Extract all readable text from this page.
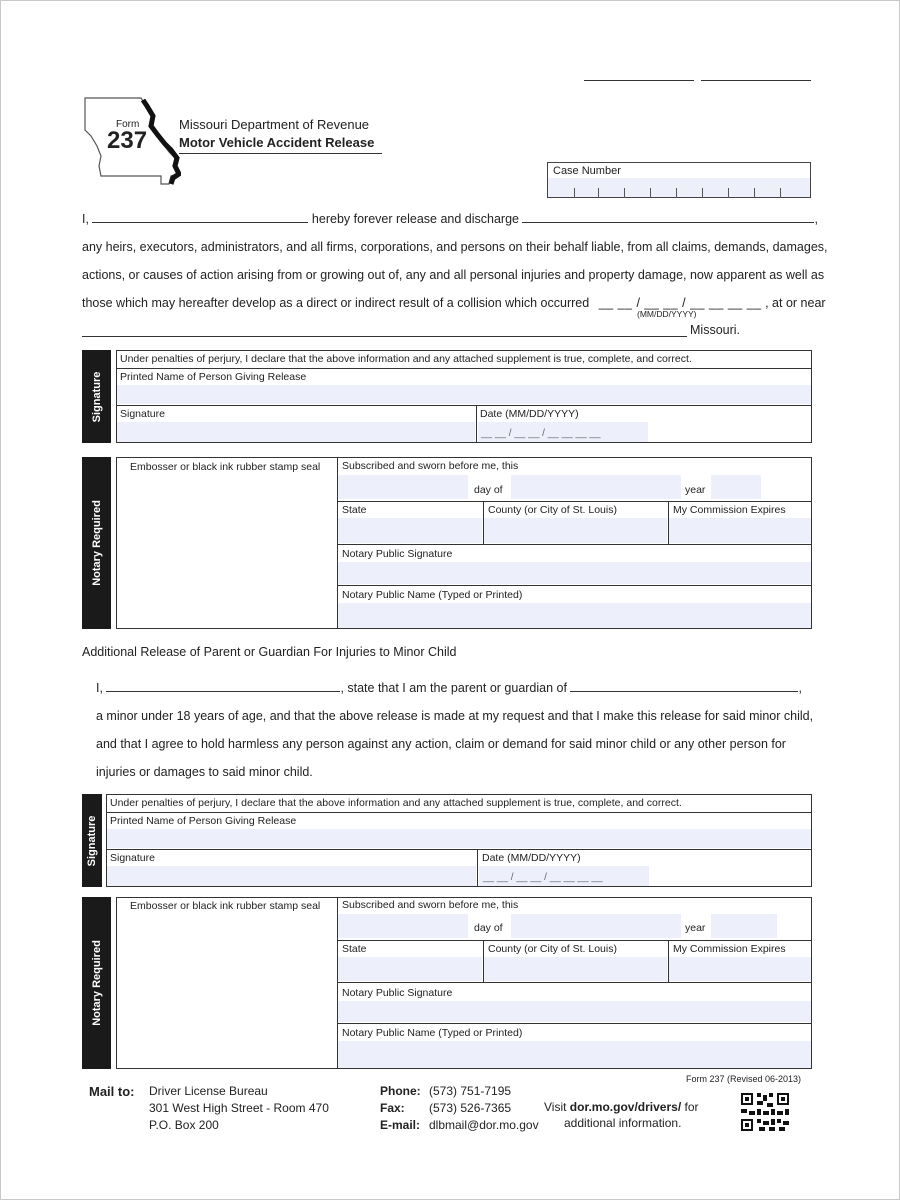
Form
237
Missouri Department of Revenue
Motor Vehicle Accident Release
Case Number
I,	hereby forever release and discharge	,
any heirs, executors, administrators, and all firms, corporations, and persons on their behalf liable, from all claims, demands, damages,
actions, or causes of action arising from or growing out of, any and all personal injuries and property damage, now apparent as well as
those which may hereafter develop as a direct or indirect result of a collision which occurred __ __ / __ __ / __ __ __ __ , at or near
(MM/DD/YYYY)
Missouri.
Signature
Under penalties of perjury, I declare that the above information and any attached supplement is true, complete, and correct.
Printed Name of Person Giving Release
Signature	Date (MM/DD/YYYY)
__ __ / __ __ / __ __ __ __
Notary Required
Embosser or black ink rubber stamp seal Subscribed and sworn before me, this
day of	year
State	County (or City of St. Louis)	My Commission Expires
Notary Public Signature
Notary Public Name (Typed or Printed)
Additional Release of Parent or Guardian For Injuries to Minor Child
I,	, state that I am the parent or guardian of	,
a minor under 18 years of age, and that the above release is made at my request and that I make this release for said minor child,
and that I agree to hold harmless any person against any action, claim or demand for said minor child or any other person for
injuries or damages to said minor child.
Signature
Under penalties of perjury, I declare that the above information and any attached supplement is true, complete, and correct.
Printed Name of Person Giving Release
Signature	Date (MM/DD/YYYY)
__ __ / __ __ / __ __ __ __
Notary Required
Embosser or black ink rubber stamp seal Subscribed and sworn before me, this
day of	year
State	County (or City of St. Louis)	My Commission Expires
Notary Public Signature
Notary Public Name (Typed or Printed)
Form 237 (Revised 06-2013)
Mail to: Driver License Bureau
301 West High Street - Room 470
P.O. Box 200
Phone: (573) 751-7195
Fax: (573) 526-7365
E-mail: dlbmail@dor.mo.gov
Visit dor.mo.gov/drivers/ for
additional information.
